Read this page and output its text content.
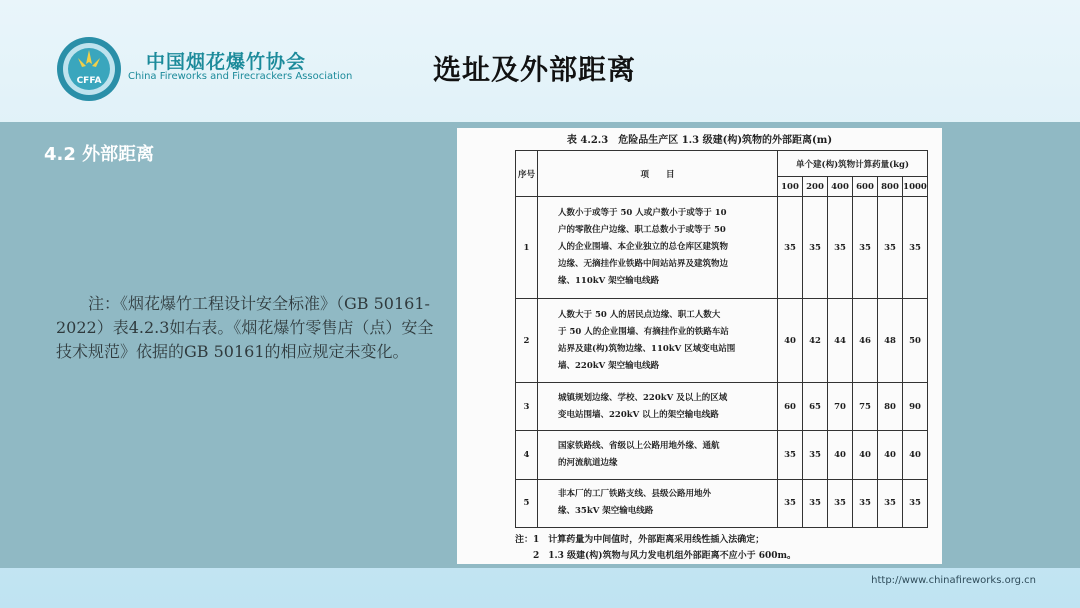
CFFA
中国烟花爆竹协会
China Fireworks and Firecrackers Association	选址及外部距离
4.2 外部距离
注：《烟花爆竹工程设计安全标准》（GB 50161-2022）表4.2.3如右表。《烟花爆竹零售店（点）安全技术规范》依据的GB 50161的相应规定未变化。
表 4.2.3　危险品生产区 1.3 级建(构)筑物的外部距离(m)
序号	项　　目	单个建(构)筑物计算药量(kg)					
		100	200	400	600	800	1000
1	人数小于或等于 50 人或户数小于或等于 10
户的零散住户边缘、职工总数小于或等于 50
人的企业围墙、本企业独立的总仓库区建筑物
边缘、无摘挂作业铁路中间站站界及建筑物边
缘、110kV 架空输电线路	35	35	35	35	35	35
2	人数大于 50 人的居民点边缘、职工人数大
于 50 人的企业围墙、有摘挂作业的铁路车站
站界及建(构)筑物边缘、110kV 区域变电站围
墙、220kV 架空输电线路	40	42	44	46	48	50
3	城镇规划边缘、学校、220kV 及以上的区域
变电站围墙、220kV 以上的架空输电线路	60	65	70	75	80	90
4	国家铁路线、省级以上公路用地外缘、通航
的河流航道边缘	35	35	40	40	40	40
5	非本厂的工厂铁路支线、县级公路用地外
缘、35kV 架空输电线路	35	35	35	35	35	35
注：1　计算药量为中间值时，外部距离采用线性插入法确定；
　　2　1.3 级建(构)筑物与风力发电机组外部距离不应小于 600m。
http://www.chinafireworks.org.cn
